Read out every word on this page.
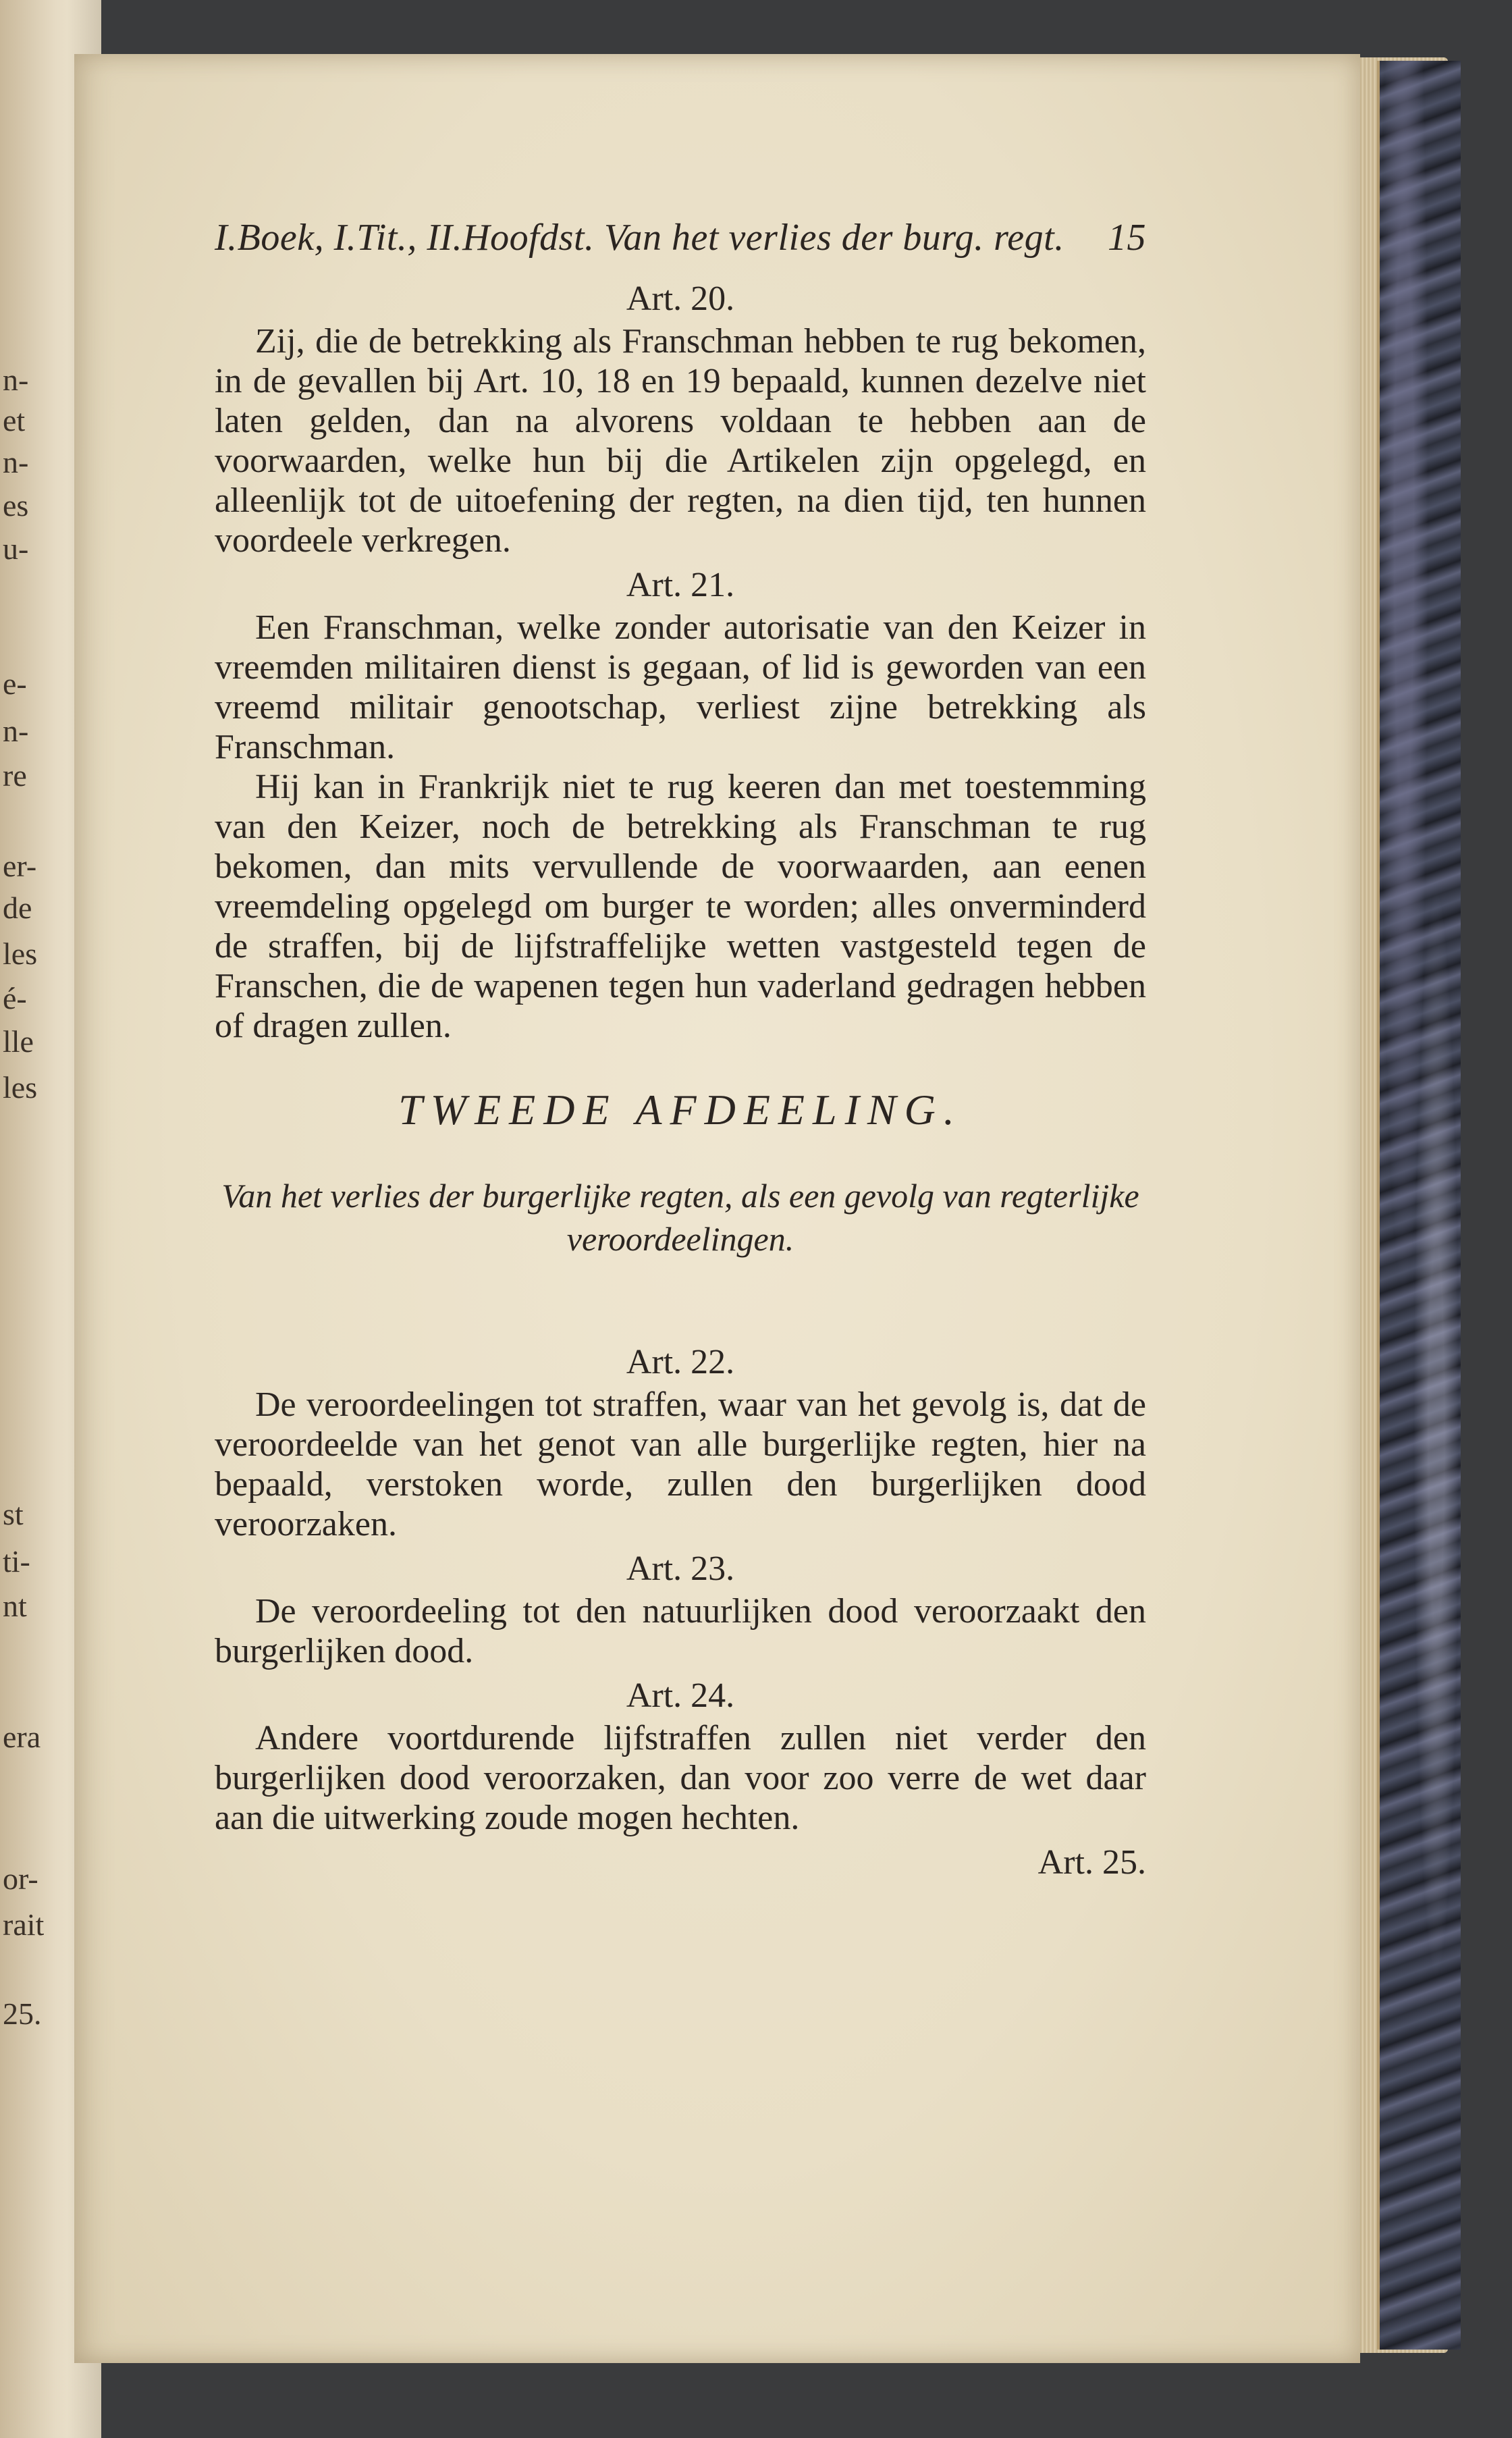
n-
et
n-
es
u-
e-
n-
re
er-
de
les
é-
lle
les
st
ti-
nt
era
or-
rait
25.
I.Boek, I.Tit., II.Hoofdst. Van het verlies der burg. regt. 15
Art. 20.

Zij, die de betrekking als Franschman hebben te rug bekomen, in de gevallen bij Art. 10, 18 en 19 bepaald, kunnen dezelve niet laten gelden, dan na alvorens voldaan te hebben aan de voorwaarden, welke hun bij die Artikelen zijn opgelegd, en alleenlijk tot de uitoefening der regten, na dien tijd, ten hunnen voordeele verkregen.

Art. 21.

Een Franschman, welke zonder autorisatie van den Keizer in vreemden militairen dienst is gegaan, of lid is geworden van een vreemd militair genootschap, verliest zijne betrekking als Franschman.

Hij kan in Frankrijk niet te rug keeren dan met toestemming van den Keizer, noch de betrekking als Franschman te rug bekomen, dan mits vervullende de voorwaarden, aan eenen vreemdeling opgelegd om burger te worden; alles onverminderd de straffen, bij de lijfstraffelijke wetten vastgesteld tegen de Franschen, die de wapenen tegen hun vaderland gedragen hebben of dragen zullen.

TWEEDE AFDEELING.
Van het verlies der burgerlijke regten, als een gevolg van regterlijke veroordeelingen.
Art. 22.

De veroordeelingen tot straffen, waar van het gevolg is, dat de veroordeelde van het genot van alle burgerlijke regten, hier na bepaald, verstoken worde, zullen den burgerlijken dood veroorzaken.

Art. 23.

De veroordeeling tot den natuurlijken dood veroorzaakt den burgerlijken dood.

Art. 24.

Andere voortdurende lijfstraffen zullen niet verder den burgerlijken dood veroorzaken, dan voor zoo verre de wet daar aan die uitwerking zoude mogen hechten.

Art. 25.
